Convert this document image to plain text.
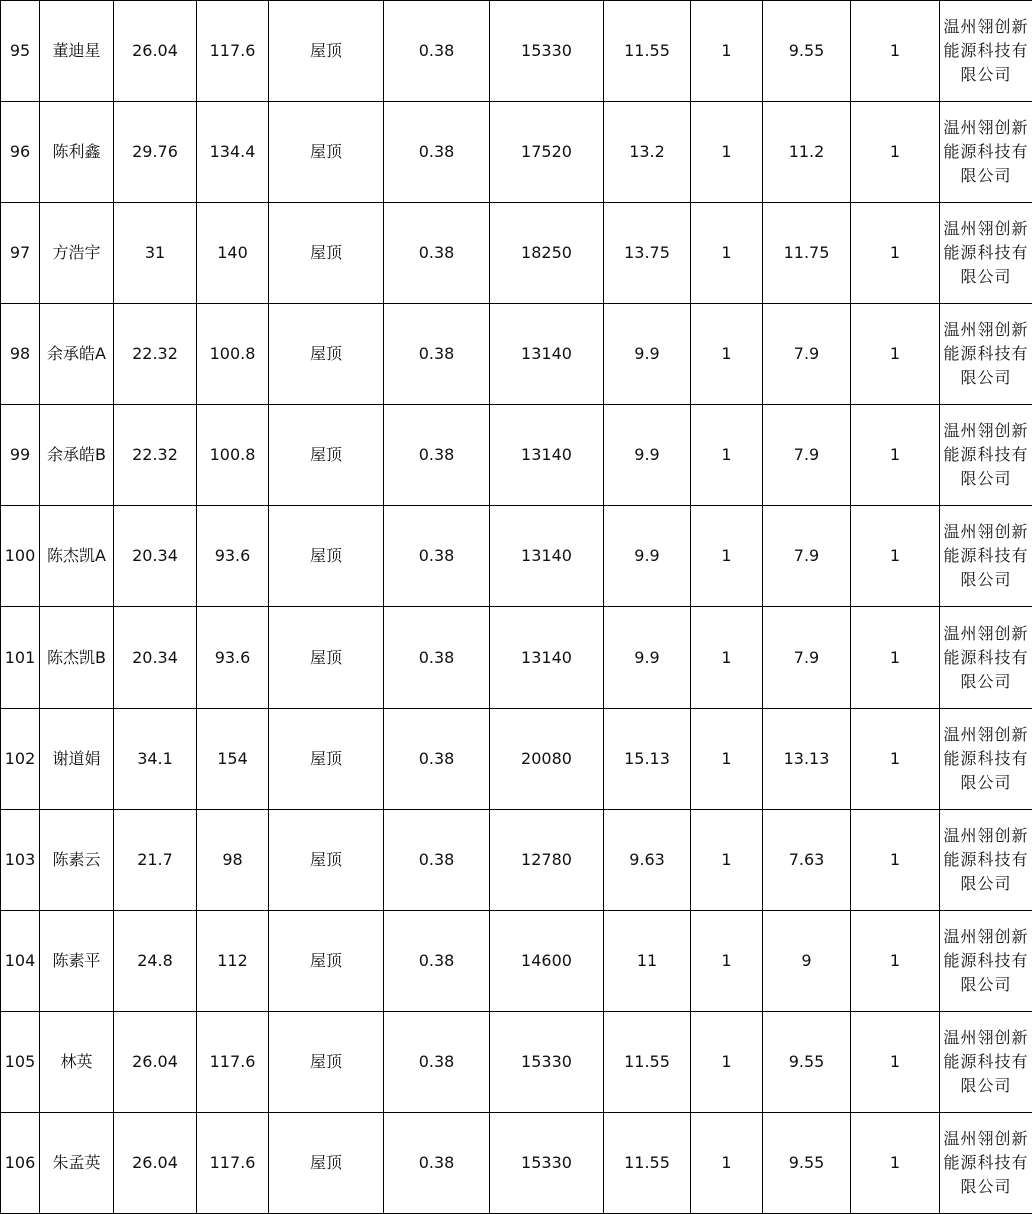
95	董迪星	26.04	117.6	屋顶	0.38	15330	11.55	1	9.55	1	温州翎创新能源科技有限公司
96	陈利鑫	29.76	134.4	屋顶	0.38	17520	13.2	1	11.2	1	温州翎创新能源科技有限公司
97	方浩宇	31	140	屋顶	0.38	18250	13.75	1	11.75	1	温州翎创新能源科技有限公司
98	余承皓A	22.32	100.8	屋顶	0.38	13140	9.9	1	7.9	1	温州翎创新能源科技有限公司
99	余承皓B	22.32	100.8	屋顶	0.38	13140	9.9	1	7.9	1	温州翎创新能源科技有限公司
100	陈杰凯A	20.34	93.6	屋顶	0.38	13140	9.9	1	7.9	1	温州翎创新能源科技有限公司
101	陈杰凯B	20.34	93.6	屋顶	0.38	13140	9.9	1	7.9	1	温州翎创新能源科技有限公司
102	谢道娟	34.1	154	屋顶	0.38	20080	15.13	1	13.13	1	温州翎创新能源科技有限公司
103	陈素云	21.7	98	屋顶	0.38	12780	9.63	1	7.63	1	温州翎创新能源科技有限公司
104	陈素平	24.8	112	屋顶	0.38	14600	11	1	9	1	温州翎创新能源科技有限公司
105	林英	26.04	117.6	屋顶	0.38	15330	11.55	1	9.55	1	温州翎创新能源科技有限公司
106	朱孟英	26.04	117.6	屋顶	0.38	15330	11.55	1	9.55	1	温州翎创新能源科技有限公司
